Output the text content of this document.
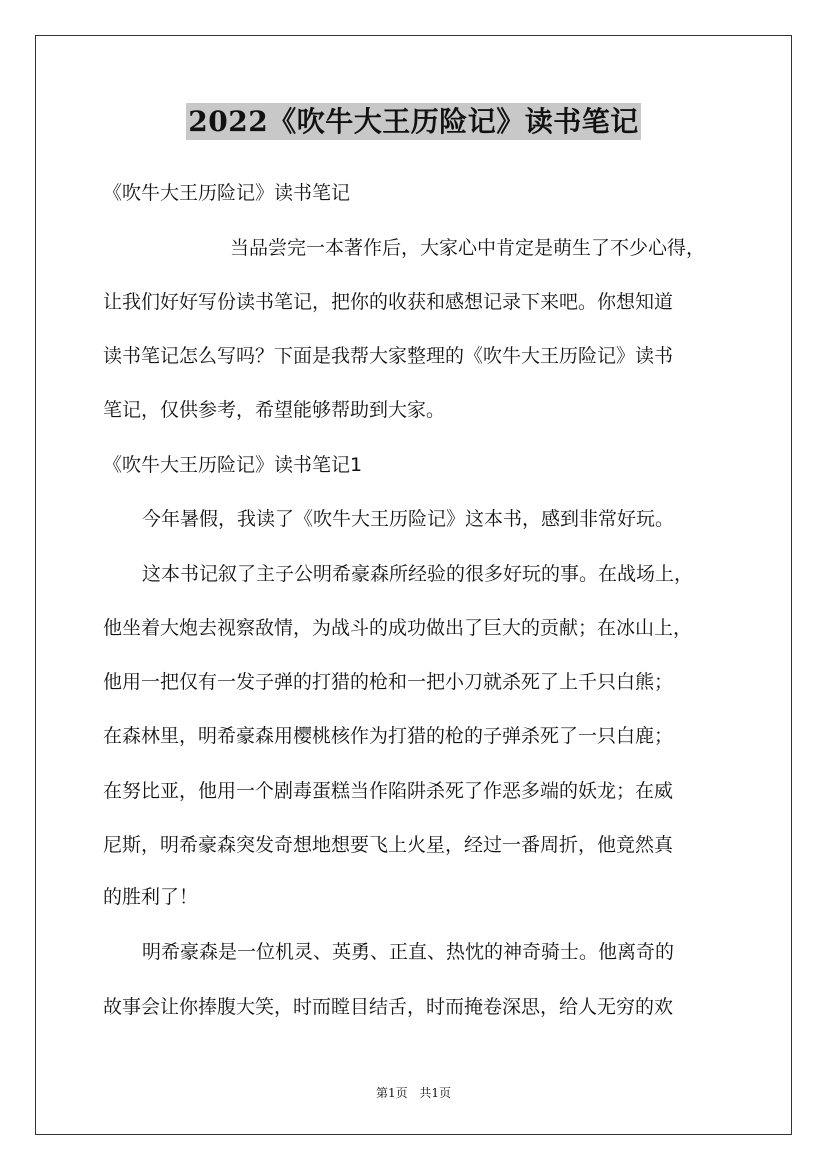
2022《吹牛大王历险记》读书笔记
《吹牛大王历险记》读书笔记
当品尝完一本著作后，大家心中肯定是萌生了不少心得，
让我们好好写份读书笔记，把你的收获和感想记录下来吧。你想知道
读书笔记怎么写吗？下面是我帮大家整理的《吹牛大王历险记》读书
笔记，仅供参考，希望能够帮助到大家。
《吹牛大王历险记》读书笔记1
今年暑假，我读了《吹牛大王历险记》这本书，感到非常好玩。
这本书记叙了主子公明希豪森所经验的很多好玩的事。在战场上，
他坐着大炮去视察敌情，为战斗的成功做出了巨大的贡献；在冰山上，
他用一把仅有一发子弹的打猎的枪和一把小刀就杀死了上千只白熊；
在森林里，明希豪森用樱桃核作为打猎的枪的子弹杀死了一只白鹿；
在努比亚，他用一个剧毒蛋糕当作陷阱杀死了作恶多端的妖龙；在威
尼斯，明希豪森突发奇想地想要飞上火星，经过一番周折，他竟然真
的胜利了！
明希豪森是一位机灵、英勇、正直、热忱的神奇骑士。他离奇的
故事会让你捧腹大笑，时而瞠目结舌，时而掩卷深思，给人无穷的欢
第1页 共1页
